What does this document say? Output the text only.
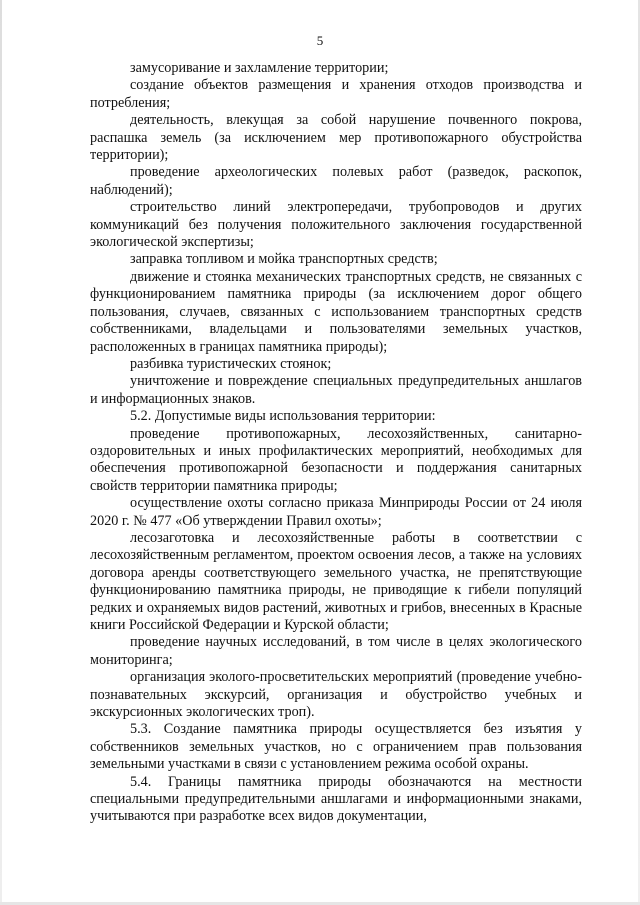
5

замусоривание и захламление территории;

создание объектов размещения и хранения отходов производства и потребления;

деятельность, влекущая за собой нарушение почвенного покрова, распашка земель (за исключением мер противопожарного обустройства территории);

проведение археологических полевых работ (разведок, раскопок, наблюдений);

строительство линий электропередачи, трубопроводов и других коммуникаций без получения положительного заключения государственной экологической экспертизы;

заправка топливом и мойка транспортных средств;

движение и стоянка механических транспортных средств, не связанных с функционированием памятника природы (за исключением дорог общего пользования, случаев, связанных с использованием транспортных средств собственниками, владельцами и пользователями земельных участков, расположенных в границах памятника природы);

разбивка туристических стоянок;

уничтожение и повреждение специальных предупредительных аншлагов и информационных знаков.

5.2. Допустимые виды использования территории:

проведение противопожарных, лесохозяйственных, санитарно-оздоровительных и иных профилактических мероприятий, необходимых для обеспечения противопожарной безопасности и поддержания санитарных свойств территории памятника природы;

осуществление охоты согласно приказа Минприроды России от 24 июля 2020 г. № 477 «Об утверждении Правил охоты»;

лесозаготовка и лесохозяйственные работы в соответствии с лесохозяйственным регламентом, проектом освоения лесов, а также на условиях договора аренды соответствующего земельного участка, не препятствующие функционированию памятника природы, не приводящие к гибели популяций редких и охраняемых видов растений, животных и грибов, внесенных в Красные книги Российской Федерации и Курской области;

проведение научных исследований, в том числе в целях экологического мониторинга;

организация эколого-просветительских мероприятий (проведение учебно-познавательных экскурсий, организация и обустройство учебных и экскурсионных экологических троп).

5.3. Создание памятника природы осуществляется без изъятия у собственников земельных участков, но с ограничением прав пользования земельными участками в связи с установлением режима особой охраны.

5.4. Границы памятника природы обозначаются на местности специальными предупредительными аншлагами и информационными знаками, учитываются при разработке всех видов документации,
